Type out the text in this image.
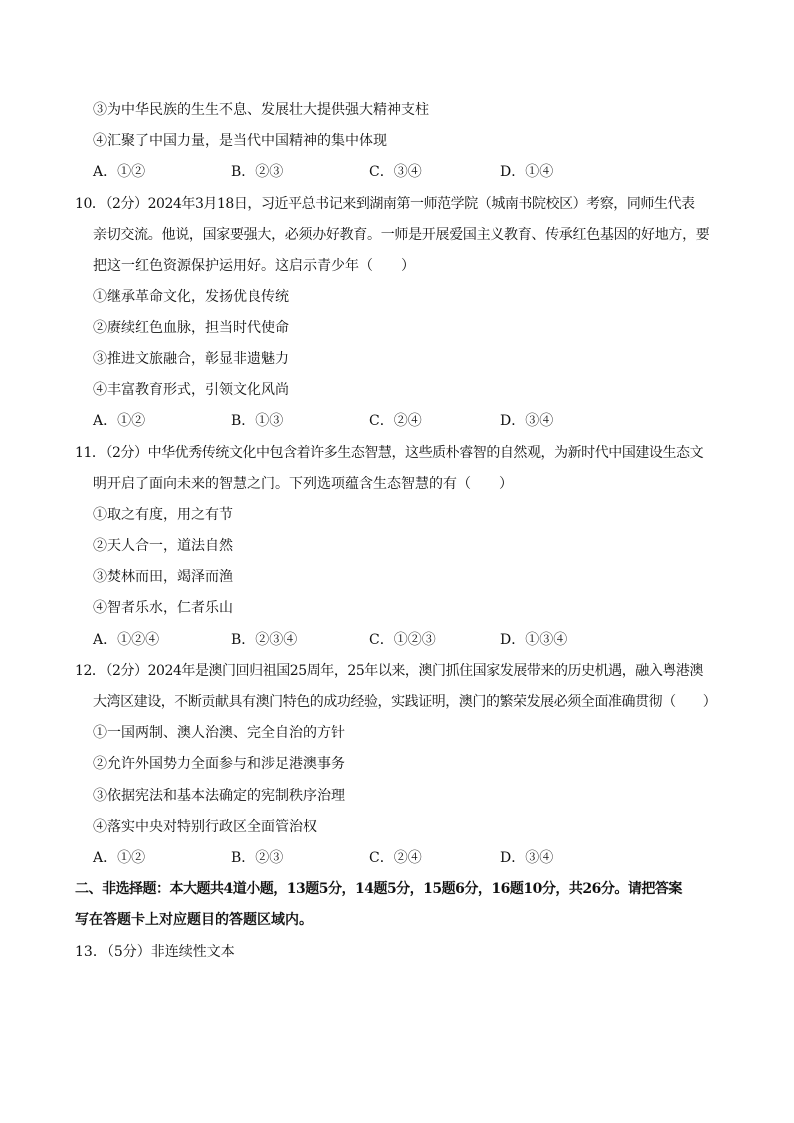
③为中华民族的生生不息、发展壮大提供强大精神支柱
④汇聚了中国力量，是当代中国精神的集中体现
A．①②	B．②③	C．③④	D．①④
10．（2分）2024年3月18日，习近平总书记来到湖南第一师范学院（城南书院校区）考察，同师生代表
亲切交流。他说，国家要强大，必须办好教育。一师是开展爱国主义教育、传承红色基因的好地方，要
把这一红色资源保护运用好。这启示青少年（　　）
①继承革命文化，发扬优良传统
②赓续红色血脉，担当时代使命
③推进文旅融合，彰显非遗魅力
④丰富教育形式，引领文化风尚
A．①②	B．①③	C．②④	D．③④
11．（2分）中华优秀传统文化中包含着许多生态智慧，这些质朴睿智的自然观，为新时代中国建设生态文
明开启了面向未来的智慧之门。下列选项蕴含生态智慧的有（　　）
①取之有度，用之有节
②天人合一，道法自然
③焚林而田，竭泽而渔
④智者乐水，仁者乐山
A．①②④	B．②③④	C．①②③	D．①③④
12．（2分）2024年是澳门回归祖国25周年，25年以来，澳门抓住国家发展带来的历史机遇，融入粤港澳
大湾区建设，不断贡献具有澳门特色的成功经验，实践证明，澳门的繁荣发展必须全面准确贯彻（　　）
①一国两制、澳人治澳、完全自治的方针
②允许外国势力全面参与和涉足港澳事务
③依据宪法和基本法确定的宪制秩序治理
④落实中央对特别行政区全面管治权
A．①②	B．②③	C．②④	D．③④
二、非选择题：本大题共4道小题，13题5分，14题5分，15题6分，16题10分，共26分。请把答案
写在答题卡上对应题目的答题区域内。
13．（5分）非连续性文本
